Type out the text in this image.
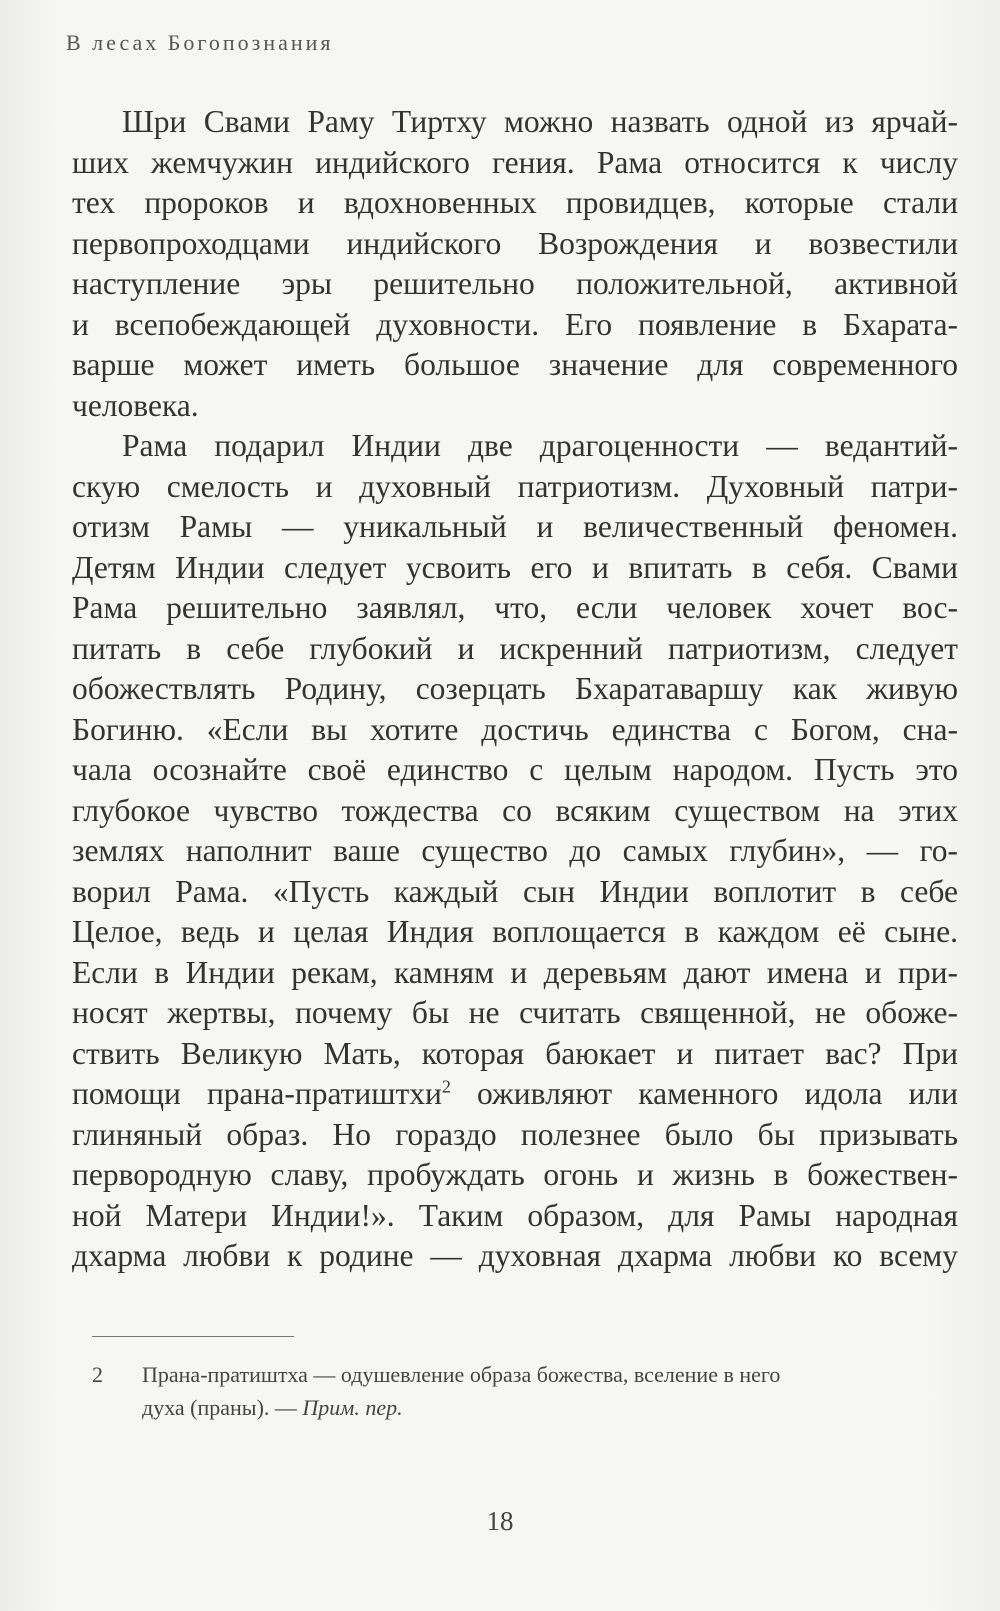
В лесах Богопознания
Шри Свами Раму Тиртху можно назвать одной из ярчай-
ших жемчужин индийского гения. Рама относится к числу
тех пророков и вдохновенных провидцев, которые стали
первопроходцами индийского Возрождения и возвестили
наступление эры решительно положительной, активной
и всепобеждающей духовности. Его появление в Бхарата-
варше может иметь большое значение для современного
человека.
Рама подарил Индии две драгоценности — ведантий-
скую смелость и духовный патриотизм. Духовный патри-
отизм Рамы — уникальный и величественный феномен.
Детям Индии следует усвоить его и впитать в себя. Свами
Рама решительно заявлял, что, если человек хочет вос-
питать в себе глубокий и искренний патриотизм, следует
обожествлять Родину, созерцать Бхаратаваршу как живую
Богиню. «Если вы хотите достичь единства с Богом, сна-
чала осознайте своё единство с целым народом. Пусть это
глубокое чувство тождества со всяким существом на этих
землях наполнит ваше существо до самых глубин», — го-
ворил Рама. «Пусть каждый сын Индии воплотит в себе
Целое, ведь и целая Индия воплощается в каждом её сыне.
Если в Индии рекам, камням и деревьям дают имена и при-
носят жертвы, почему бы не считать священной, не обоже-
ствить Великую Мать, которая баюкает и питает вас? При
помощи прана-пратиштхи$^2$ оживляют каменного идола или
глиняный образ. Но гораздо полезнее было бы призывать
первородную славу, пробуждать огонь и жизнь в божествен-
ной Матери Индии!». Таким образом, для Рамы народная
дхарма любви к родине — духовная дхарма любви ко всему
2 Прана-пратиштха — одушевление образа божества, вселение в него
духа (праны). — Прим. пер.
18
